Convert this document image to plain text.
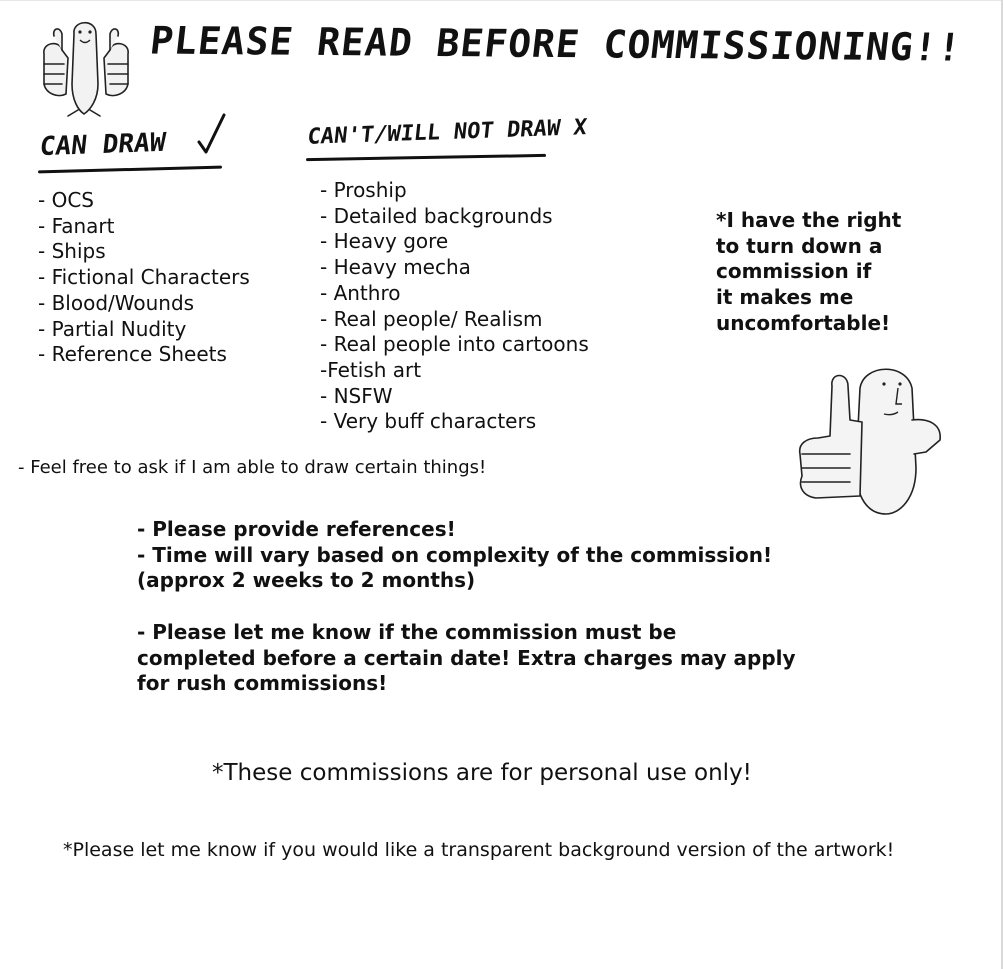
PLEASE READ BEFORE COMMISSIONING!!
CAN DRAW	CAN'T/WILL NOT DRAW X
- OCS
- Fanart
- Ships
- Fictional Characters
- Blood/Wounds
- Partial Nudity
- Reference Sheets
- Proship
- Detailed backgrounds
- Heavy gore
- Heavy mecha
- Anthro
- Real people/ Realism
- Real people into cartoons
-Fetish art
- NSFW
- Very buff characters
*I have the right
to turn down a
commission if
it makes me
uncomfortable!
- Feel free to ask if I am able to draw certain things!
- Please provide references!
- Time will vary based on complexity of the commission!
(approx 2 weeks to 2 months)
- Please let me know if the commission must be
completed before a certain date! Extra charges may apply
for rush commissions!
*These commissions are for personal use only!
*Please let me know if you would like a transparent background version of the artwork!
